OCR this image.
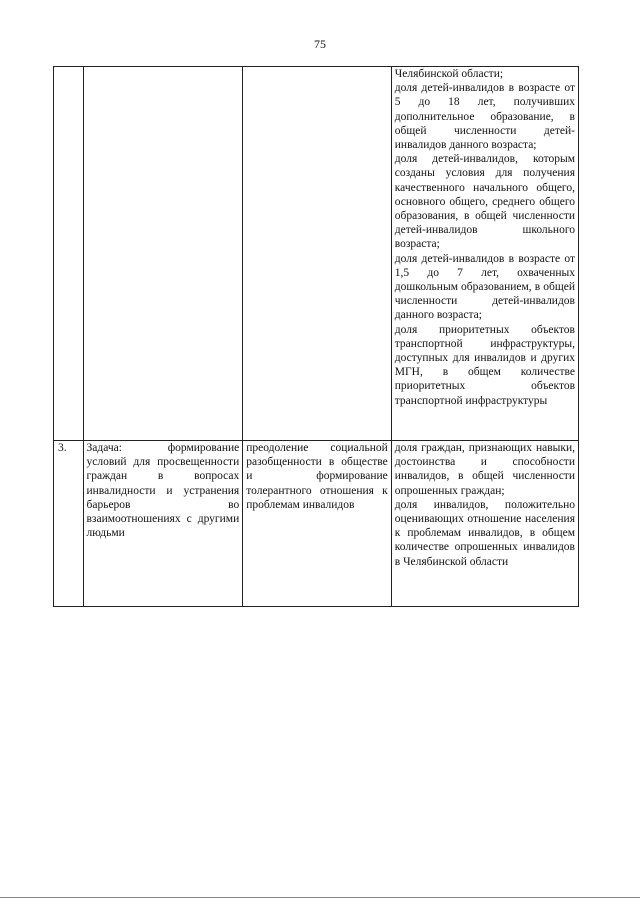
75

			Челябинской области;
доля детей-инвалидов в возрасте от 5 до 18 лет, получивших дополнительное образование, в общей численности детей-инвалидов данного возраста;
доля детей-инвалидов, которым созданы условия для получения качественного начального общего, основного общего, среднего общего образования, в общей численности детей-инвалидов школьного возраста;
доля детей-инвалидов в возрасте от 1,5 до 7 лет, охваченных дошкольным образованием, в общей численности детей-инвалидов данного возраста;
доля приоритетных объектов транспортной инфраструктуры, доступных для инвалидов и других МГН, в общем количестве приоритетных объектов транспортной инфраструктуры

3.	Задача: формирование условий для просвещенности граждан в вопросах инвалидности и устранения барьеров во взаимоотношениях с другими людьми	преодоление социальной разобщенности в обществе и формирование толерантного отношения к проблемам инвалидов	доля граждан, признающих навыки, достоинства и способности инвалидов, в общей численности опрошенных граждан;
доля инвалидов, положительно оценивающих отношение населения к проблемам инвалидов, в общем количестве опрошенных инвалидов в Челябинской области
